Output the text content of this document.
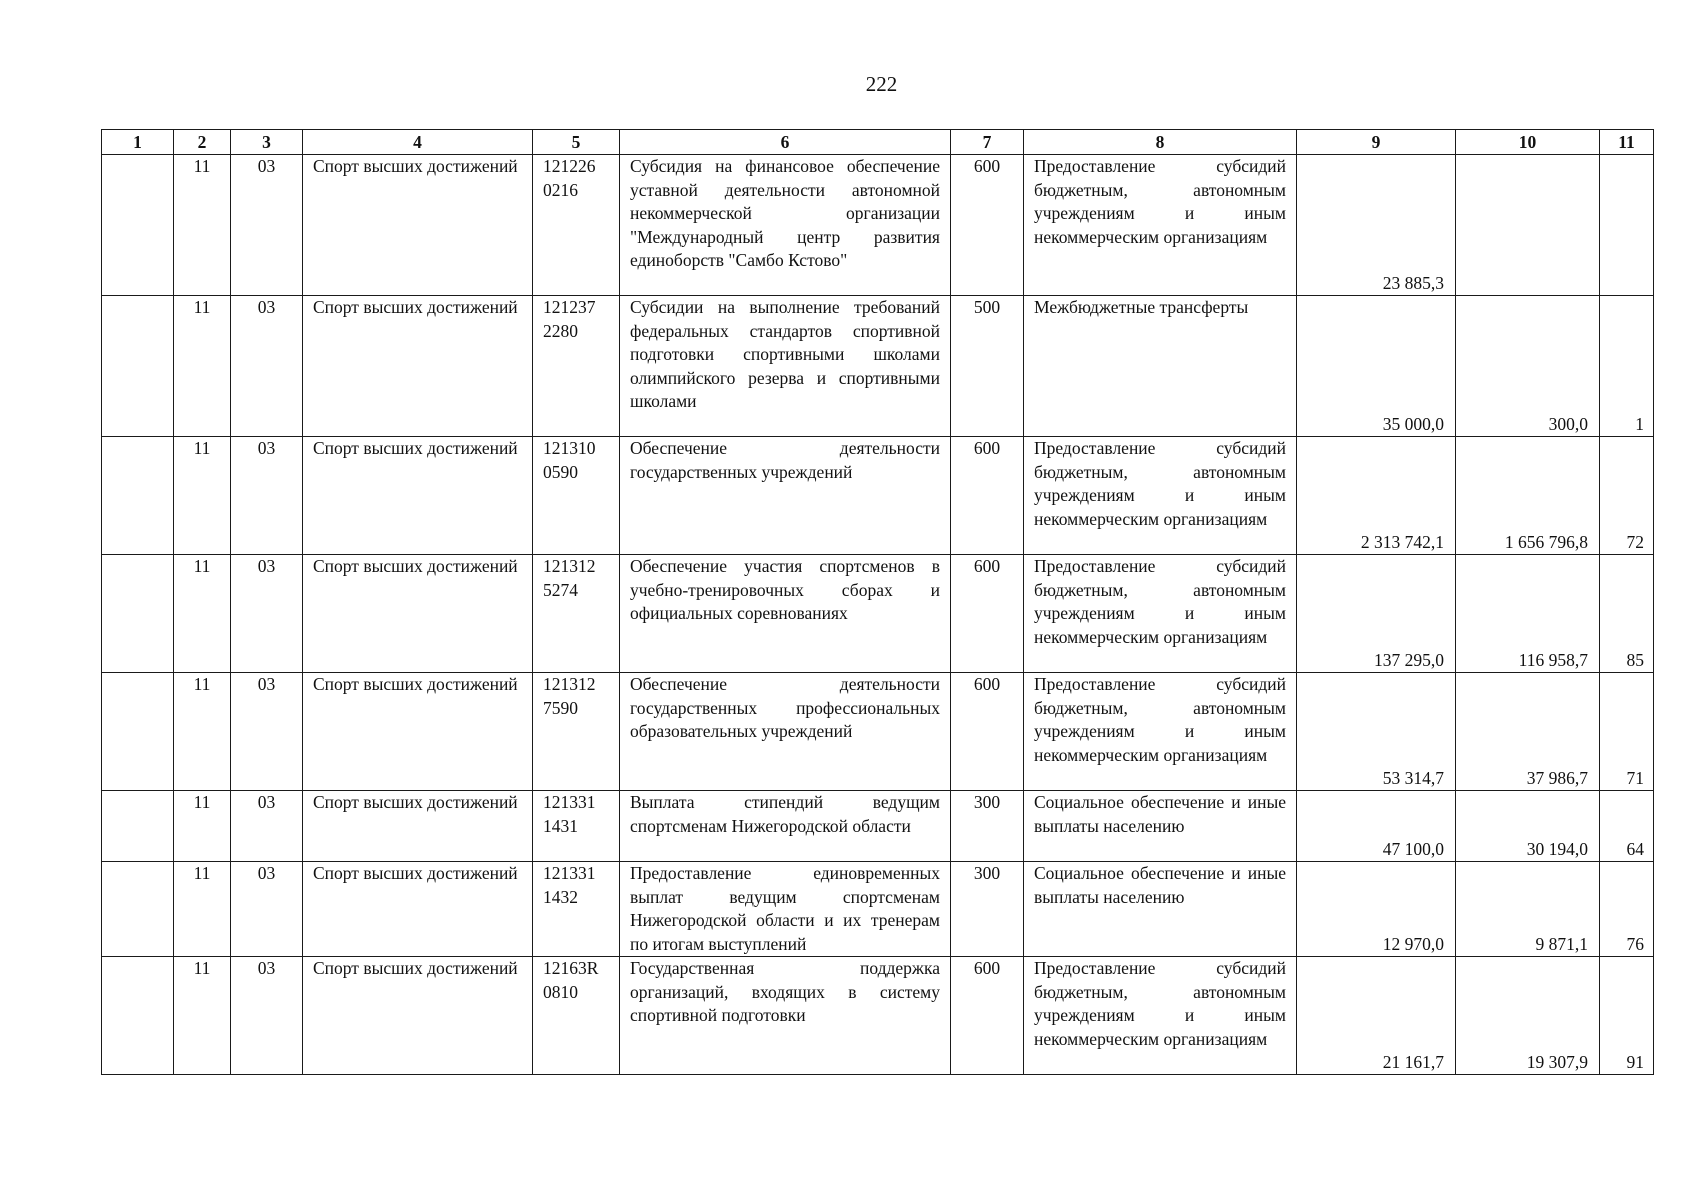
222
1	2	3	4	5	6	7	8	9	10	11
	11	03	Спорт высших достижений	121226
0216	Субсидия на финансовое обеспечение уставной деятельности автономной некоммерческой организации "Международный центр развития единоборств "Самбо Кстово"	600	Предоставление субсидий бюджетным, автономным учреждениям и иным некоммерческим организациям	23 885,3		
	11	03	Спорт высших достижений	121237
2280	Субсидии на выполнение требований федеральных стандартов спортивной подготовки спортивными школами олимпийского резерва и спортивными школами	500	Межбюджетные трансферты	35 000,0	300,0	1
	11	03	Спорт высших достижений	121310
0590	Обеспечение деятельности государственных учреждений	600	Предоставление субсидий бюджетным, автономным учреждениям и иным некоммерческим организациям	2 313 742,1	1 656 796,8	72
	11	03	Спорт высших достижений	121312
5274	Обеспечение участия спортсменов в учебно-тренировочных сборах и официальных соревнованиях	600	Предоставление субсидий бюджетным, автономным учреждениям и иным некоммерческим организациям	137 295,0	116 958,7	85
	11	03	Спорт высших достижений	121312
7590	Обеспечение деятельности государственных профессиональных образовательных учреждений	600	Предоставление субсидий бюджетным, автономным учреждениям и иным некоммерческим организациям	53 314,7	37 986,7	71
	11	03	Спорт высших достижений	121331
1431	Выплата стипендий ведущим спортсменам Нижегородской области	300	Социальное обеспечение и иные выплаты населению	47 100,0	30 194,0	64
	11	03	Спорт высших достижений	121331
1432	Предоставление единовременных выплат ведущим спортсменам Нижегородской области и их тренерам по итогам выступлений	300	Социальное обеспечение и иные выплаты населению	12 970,0	9 871,1	76
	11	03	Спорт высших достижений	12163R
0810	Государственная поддержка организаций, входящих в систему спортивной подготовки	600	Предоставление субсидий бюджетным, автономным учреждениям и иным некоммерческим организациям	21 161,7	19 307,9	91
